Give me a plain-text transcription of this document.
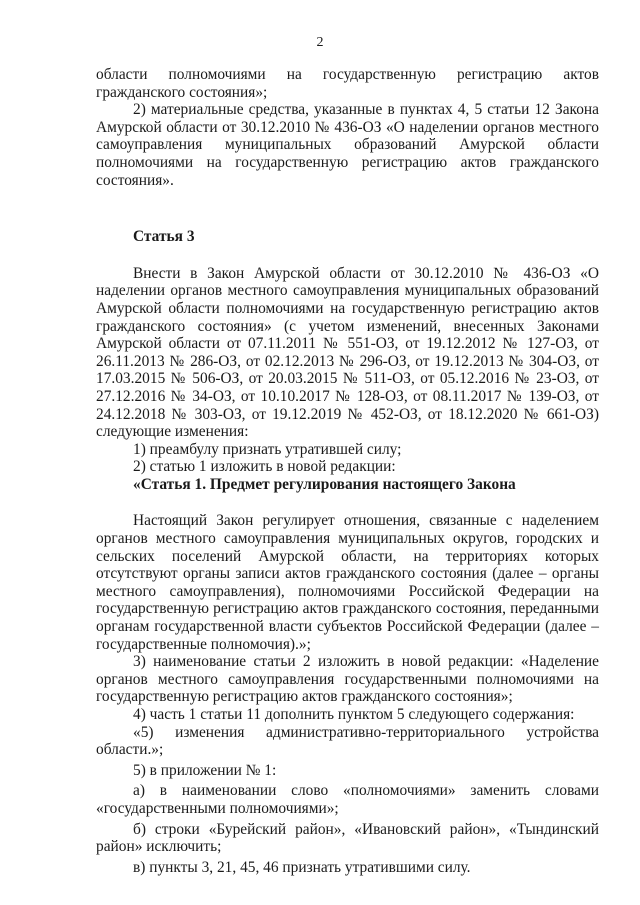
2

области полномочиями на государственную регистрацию актов гражданского состояния»;

2) материальные средства, указанные в пунктах 4, 5 статьи 12 Закона Амурской области от 30.12.2010 № 436-ОЗ «О наделении органов местного самоуправления муниципальных образований Амурской области полномочиями на государственную регистрацию актов гражданского состояния».

Статья 3

Внести в Закон Амурской области от 30.12.2010 № 436-ОЗ «О наделении органов местного самоуправления муниципальных образований Амурской области полномочиями на государственную регистрацию актов гражданского состояния» (с учетом изменений, внесенных Законами Амурской области от 07.11.2011 № 551-ОЗ, от 19.12.2012 № 127-ОЗ, от 26.11.2013 № 286-ОЗ, от 02.12.2013 № 296-ОЗ, от 19.12.2013 № 304-ОЗ, от 17.03.2015 № 506-ОЗ, от 20.03.2015 № 511-ОЗ, от 05.12.2016 № 23-ОЗ, от 27.12.2016 № 34-ОЗ, от 10.10.2017 № 128-ОЗ, от 08.11.2017 № 139-ОЗ, от 24.12.2018 № 303-ОЗ, от 19.12.2019 № 452-ОЗ, от 18.12.2020 № 661-ОЗ) следующие изменения:

1) преамбулу признать утратившей силу;

2) статью 1 изложить в новой редакции:

«Статья 1. Предмет регулирования настоящего Закона

Настоящий Закон регулирует отношения, связанные с наделением органов местного самоуправления муниципальных округов, городских и сельских поселений Амурской области, на территориях которых отсутствуют органы записи актов гражданского состояния (далее – органы местного самоуправления), полномочиями Российской Федерации на государственную регистрацию актов гражданского состояния, переданными органам государственной власти субъектов Российской Федерации (далее – государственные полномочия).»;

3) наименование статьи 2 изложить в новой редакции: «Наделение органов местного самоуправления государственными полномочиями на государственную регистрацию актов гражданского состояния»;

4) часть 1 статьи 11 дополнить пунктом 5 следующего содержания:

«5) изменения административно-территориального устройства области.»;

5) в приложении № 1:

а) в наименовании слово «полномочиями» заменить словами «государственными полномочиями»;

б) строки «Бурейский район», «Ивановский район», «Тындинский район» исключить;

в) пункты 3, 21, 45, 46 признать утратившими силу.
